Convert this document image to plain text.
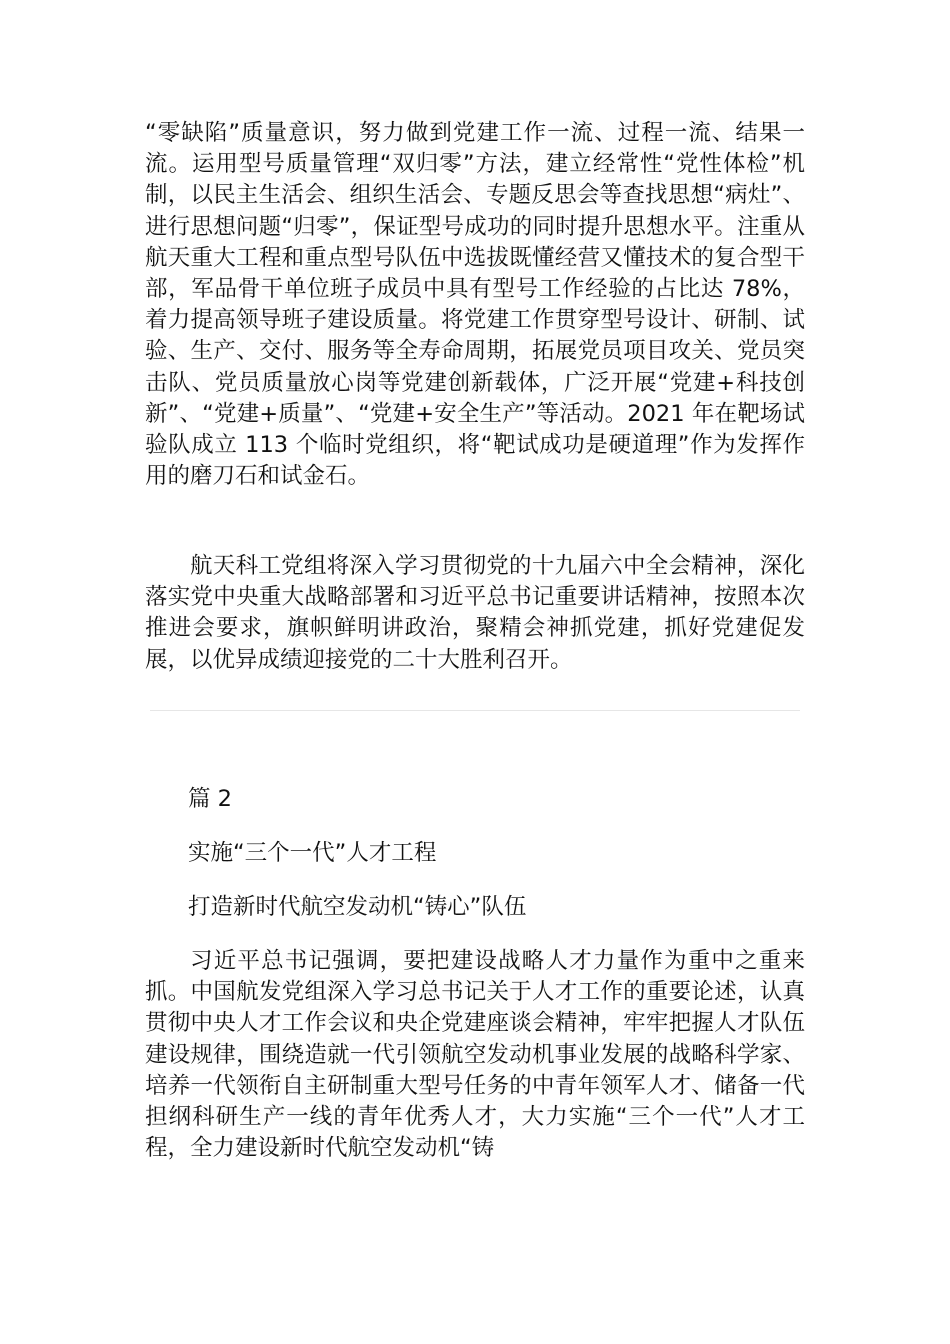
“零缺陷”质量意识，努力做到党建工作一流、过程一流、结果一流。运用型号质量管理“双归零”方法，建立经常性“党性体检”机制，以民主生活会、组织生活会、专题反思会等查找思想“病灶”、进行思想问题“归零”，保证型号成功的同时提升思想水平。注重从航天重大工程和重点型号队伍中选拔既懂经营又懂技术的复合型干部，军品骨干单位班子成员中具有型号工作经验的占比达 78%，着力提高领导班子建设质量。将党建工作贯穿型号设计、研制、试验、生产、交付、服务等全寿命周期，拓展党员项目攻关、党员突击队、党员质量放心岗等党建创新载体，广泛开展“党建+科技创新”、“党建+质量”、“党建+安全生产”等活动。2021 年在靶场试验队成立 113 个临时党组织，将“靶试成功是硬道理”作为发挥作用的磨刀石和试金石。

航天科工党组将深入学习贯彻党的十九届六中全会精神，深化落实党中央重大战略部署和习近平总书记重要讲话精神，按照本次推进会要求，旗帜鲜明讲政治，聚精会神抓党建，抓好党建促发展，以优异成绩迎接党的二十大胜利召开。

篇 2
实施“三个一代”人才工程
打造新时代航空发动机“铸心”队伍

习近平总书记强调，要把建设战略人才力量作为重中之重来抓。中国航发党组深入学习总书记关于人才工作的重要论述，认真贯彻中央人才工作会议和央企党建座谈会精神，牢牢把握人才队伍建设规律，围绕造就一代引领航空发动机事业发展的战略科学家、培养一代领衔自主研制重大型号任务的中青年领军人才、储备一代担纲科研生产一线的青年优秀人才，大力实施“三个一代”人才工程，全力建设新时代航空发动机“铸
